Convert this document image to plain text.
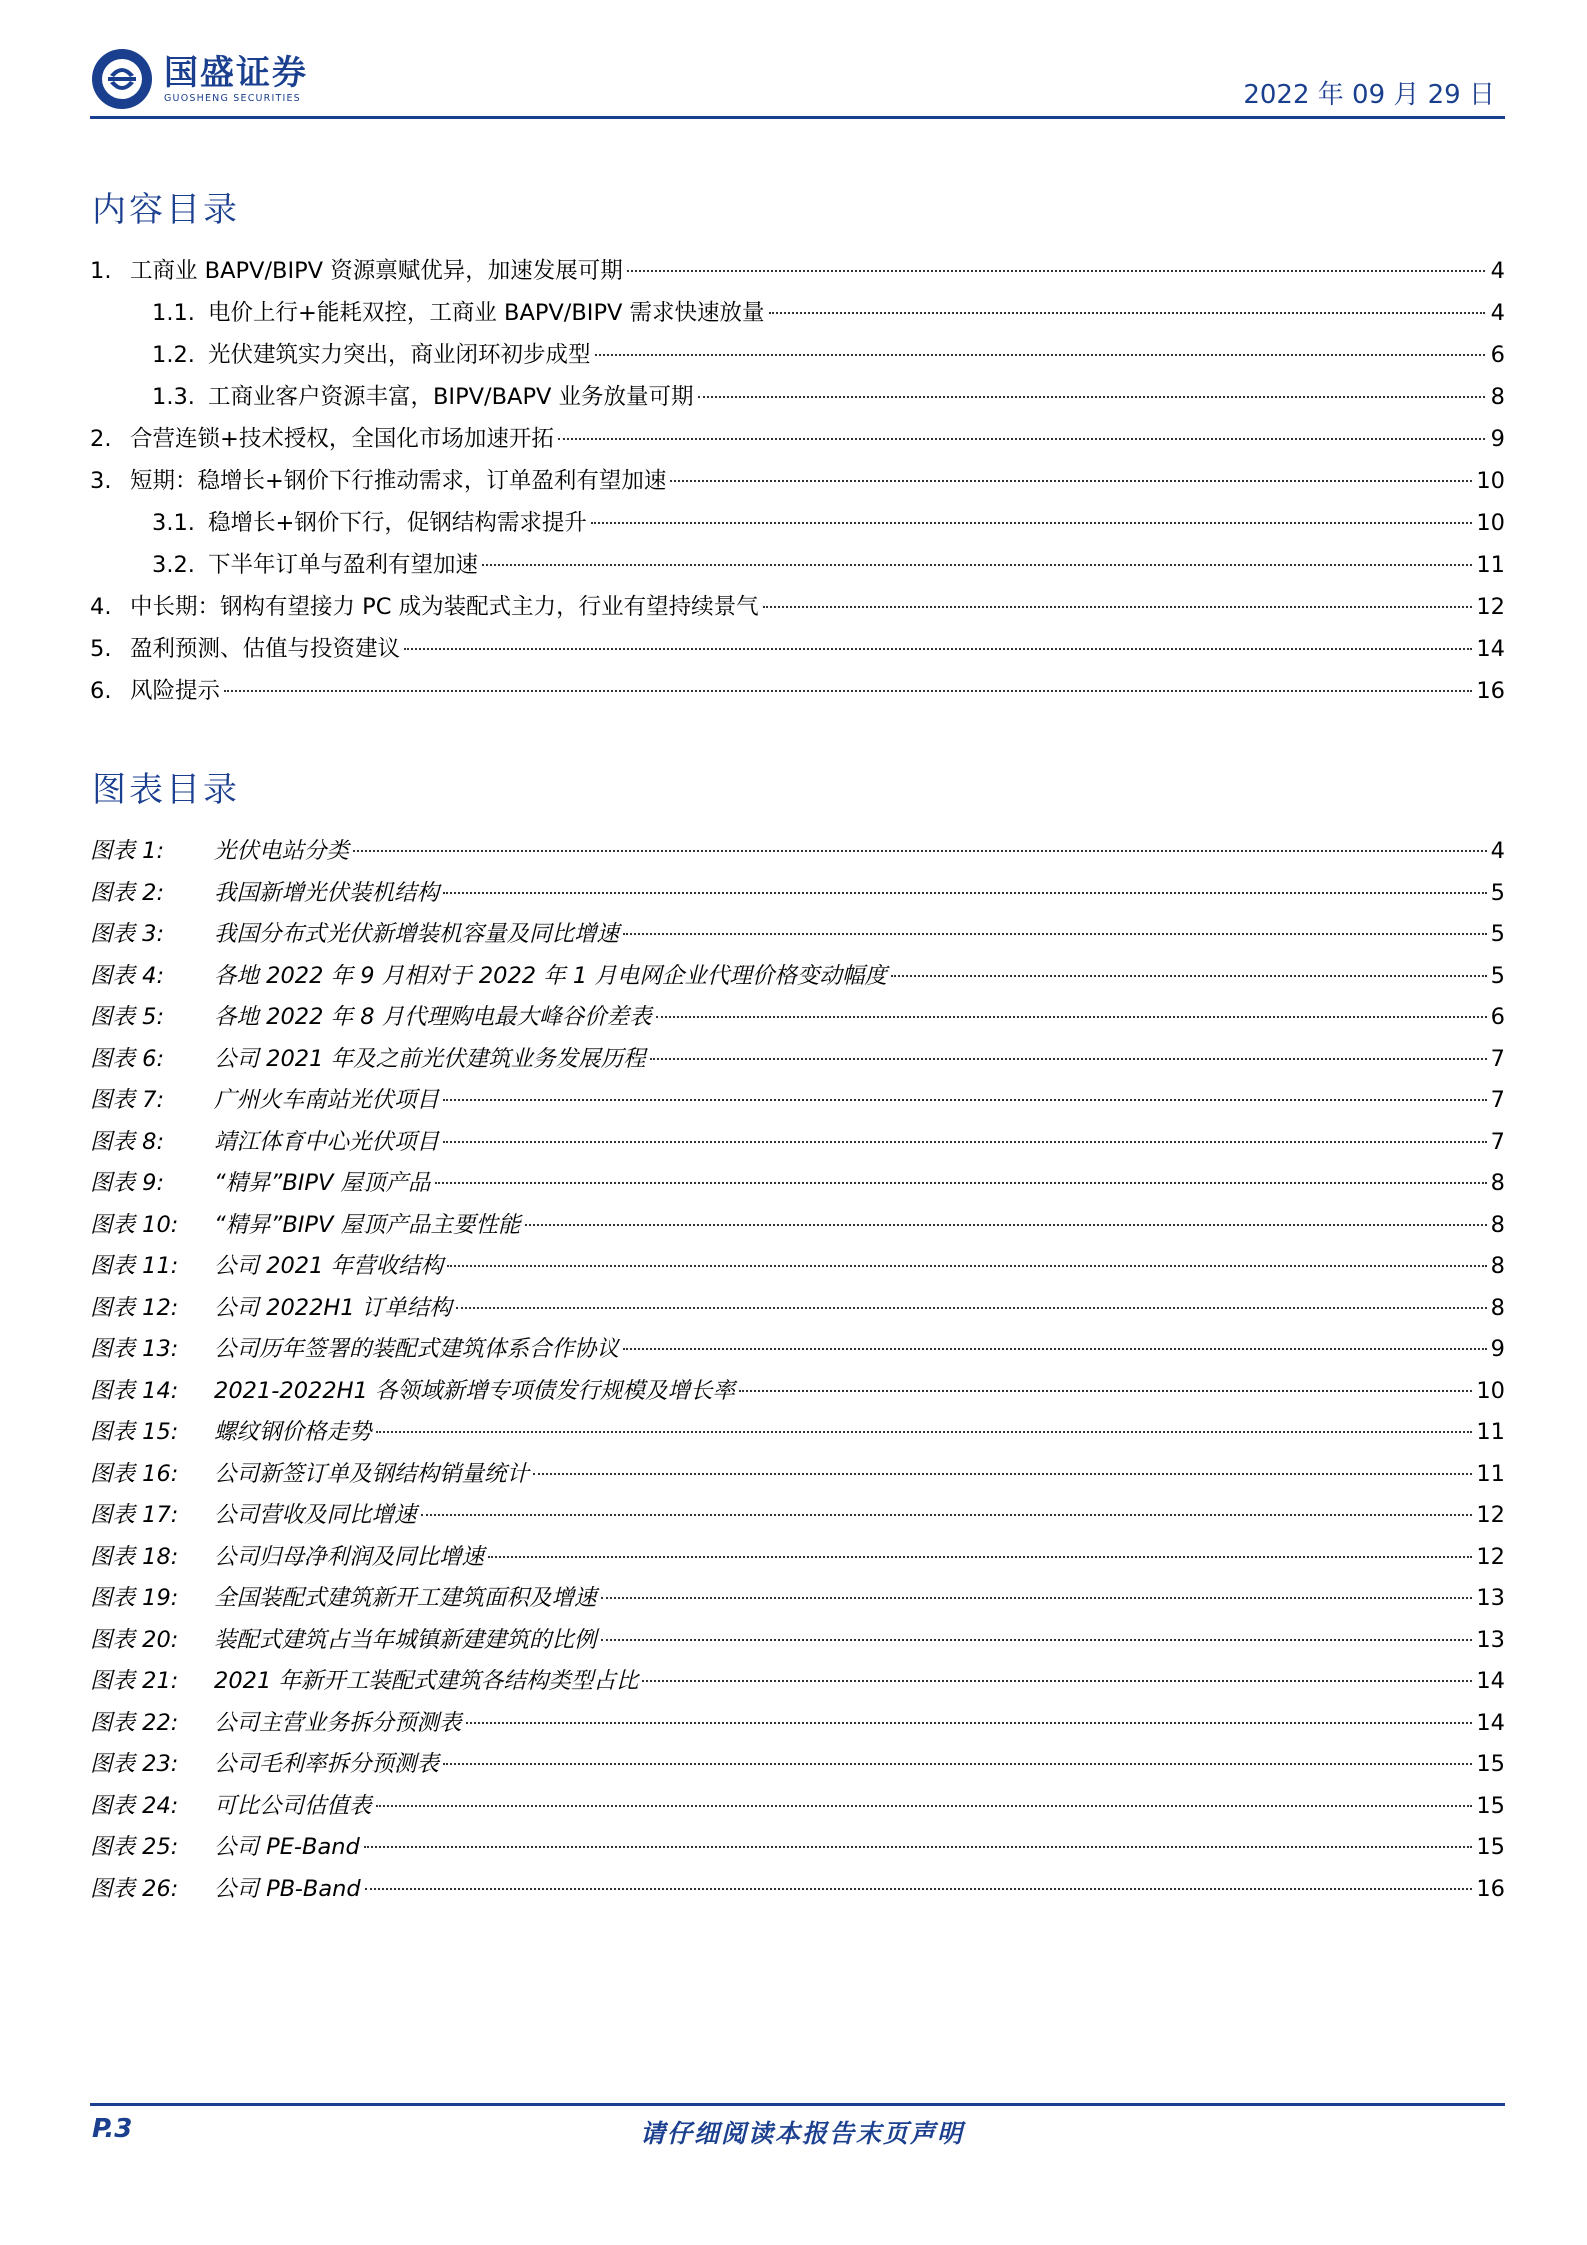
国盛证券
GUOSHENG SECURITIES	2022 年 09 月 29 日
内容目录
1. 工商业 BAPV/BIPV 资源禀赋优异，加速发展可期	4
1.1. 电价上行+能耗双控，工商业 BAPV/BIPV 需求快速放量	4
1.2. 光伏建筑实力突出，商业闭环初步成型	6
1.3. 工商业客户资源丰富，BIPV/BAPV 业务放量可期	8
2. 合营连锁+技术授权，全国化市场加速开拓	9
3. 短期：稳增长+钢价下行推动需求，订单盈利有望加速	10
3.1. 稳增长+钢价下行，促钢结构需求提升	10
3.2. 下半年订单与盈利有望加速	11
4. 中长期：钢构有望接力 PC 成为装配式主力，行业有望持续景气	12
5. 盈利预测、估值与投资建议	14
6. 风险提示	16
图表目录
图表 1:	光伏电站分类	4
图表 2:	我国新增光伏装机结构	5
图表 3:	我国分布式光伏新增装机容量及同比增速	5
图表 4:	各地 2022 年 9 月相对于 2022 年 1 月电网企业代理价格变动幅度	5
图表 5:	各地 2022 年 8 月代理购电最大峰谷价差表	6
图表 6:	公司 2021 年及之前光伏建筑业务发展历程	7
图表 7:	广州火车南站光伏项目	7
图表 8:	靖江体育中心光伏项目	7
图表 9:	“精昇”BIPV 屋顶产品	8
图表 10:	“精昇”BIPV 屋顶产品主要性能	8
图表 11:	公司 2021 年营收结构	8
图表 12:	公司 2022H1 订单结构	8
图表 13:	公司历年签署的装配式建筑体系合作协议	9
图表 14:	2021-2022H1 各领域新增专项债发行规模及增长率	10
图表 15:	螺纹钢价格走势	11
图表 16:	公司新签订单及钢结构销量统计	11
图表 17:	公司营收及同比增速	12
图表 18:	公司归母净利润及同比增速	12
图表 19:	全国装配式建筑新开工建筑面积及增速	13
图表 20:	装配式建筑占当年城镇新建建筑的比例	13
图表 21:	2021 年新开工装配式建筑各结构类型占比	14
图表 22:	公司主营业务拆分预测表	14
图表 23:	公司毛利率拆分预测表	15
图表 24:	可比公司估值表	15
图表 25:	公司 PE-Band	15
图表 26:	公司 PB-Band	16
P.3	请仔细阅读本报告末页声明
